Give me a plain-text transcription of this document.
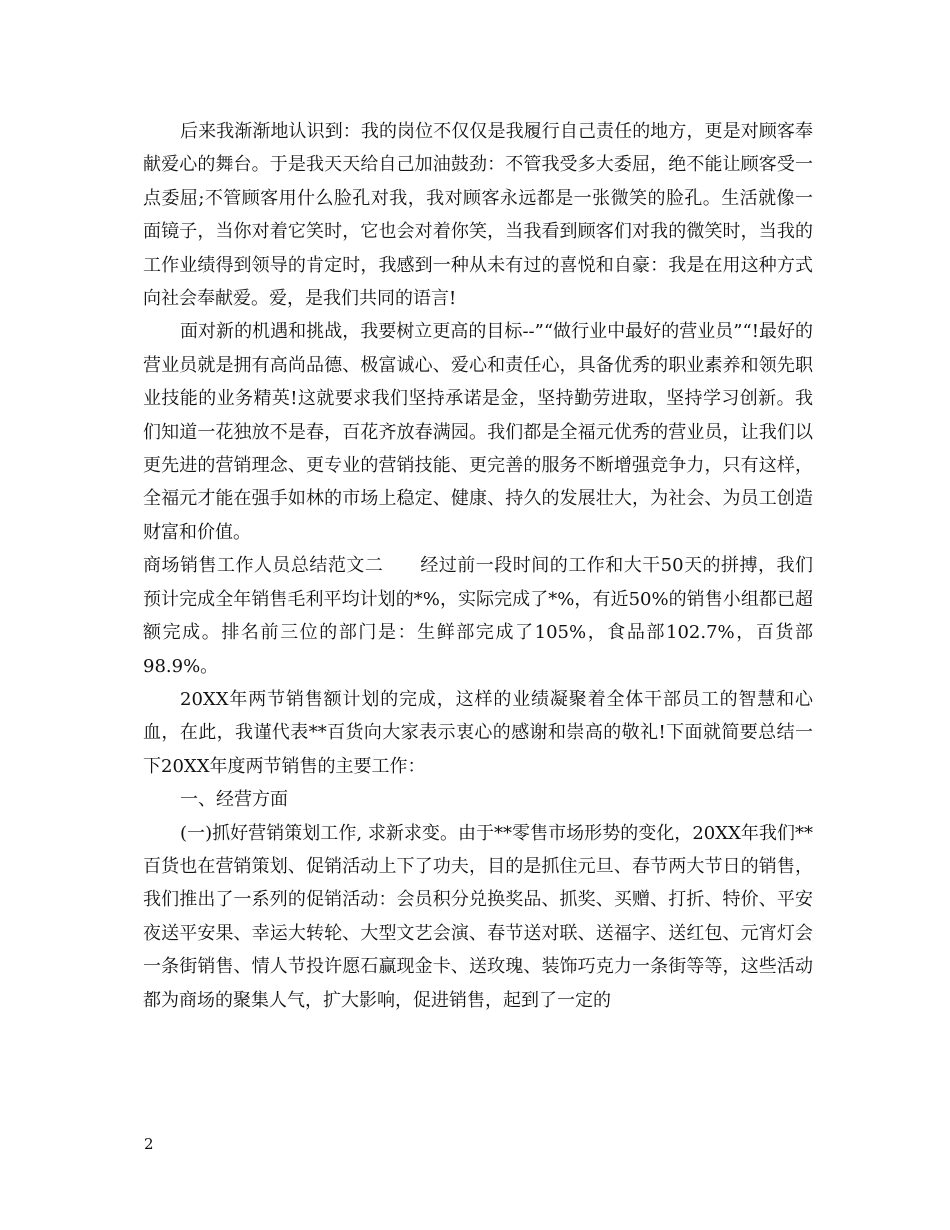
后来我渐渐地认识到：我的岗位不仅仅是我履行自己责任的地方，更是对顾客奉献爱心的舞台。于是我天天给自己加油鼓劲：不管我受多大委屈，绝不能让顾客受一点委屈;不管顾客用什么脸孔对我，我对顾客永远都是一张微笑的脸孔。生活就像一面镜子，当你对着它笑时，它也会对着你笑，当我看到顾客们对我的微笑时，当我的工作业绩得到领导的肯定时，我感到一种从未有过的喜悦和自豪：我是在用这种方式向社会奉献爱。爱，是我们共同的语言!

面对新的机遇和挑战，我要树立更高的目标--”“做行业中最好的营业员”“!最好的营业员就是拥有高尚品德、极富诚心、爱心和责任心，具备优秀的职业素养和领先职业技能的业务精英!这就要求我们坚持承诺是金，坚持勤劳进取，坚持学习创新。我们知道一花独放不是春，百花齐放春满园。我们都是全福元优秀的营业员，让我们以更先进的营销理念、更专业的营销技能、更完善的服务不断增强竞争力，只有这样，全福元才能在强手如林的市场上稳定、健康、持久的发展壮大，为社会、为员工创造财富和价值。

商场销售工作人员总结范文二　　经过前一段时间的工作和大干50天的拼搏，我们预计完成全年销售毛利平均计划的*%，实际完成了*%，有近50%的销售小组都已超额完成。排名前三位的部门是：生鲜部完成了105%，食品部102.7%，百货部98.9%。

20XX年两节销售额计划的完成，这样的业绩凝聚着全体干部员工的智慧和心血，在此，我谨代表**百货向大家表示衷心的感谢和崇高的敬礼!下面就简要总结一下20XX年度两节销售的主要工作：

一、经营方面

(一)抓好营销策划工作, 求新求变。由于**零售市场形势的变化，20XX年我们**百货也在营销策划、促销活动上下了功夫，目的是抓住元旦、春节两大节日的销售，我们推出了一系列的促销活动：会员积分兑换奖品、抓奖、买赠、打折、特价、平安夜送平安果、幸运大转轮、大型文艺会演、春节送对联、送福字、送红包、元宵灯会一条街销售、情人节投许愿石赢现金卡、送玫瑰、装饰巧克力一条街等等，这些活动都为商场的聚集人气，扩大影响，促进销售，起到了一定的

2
